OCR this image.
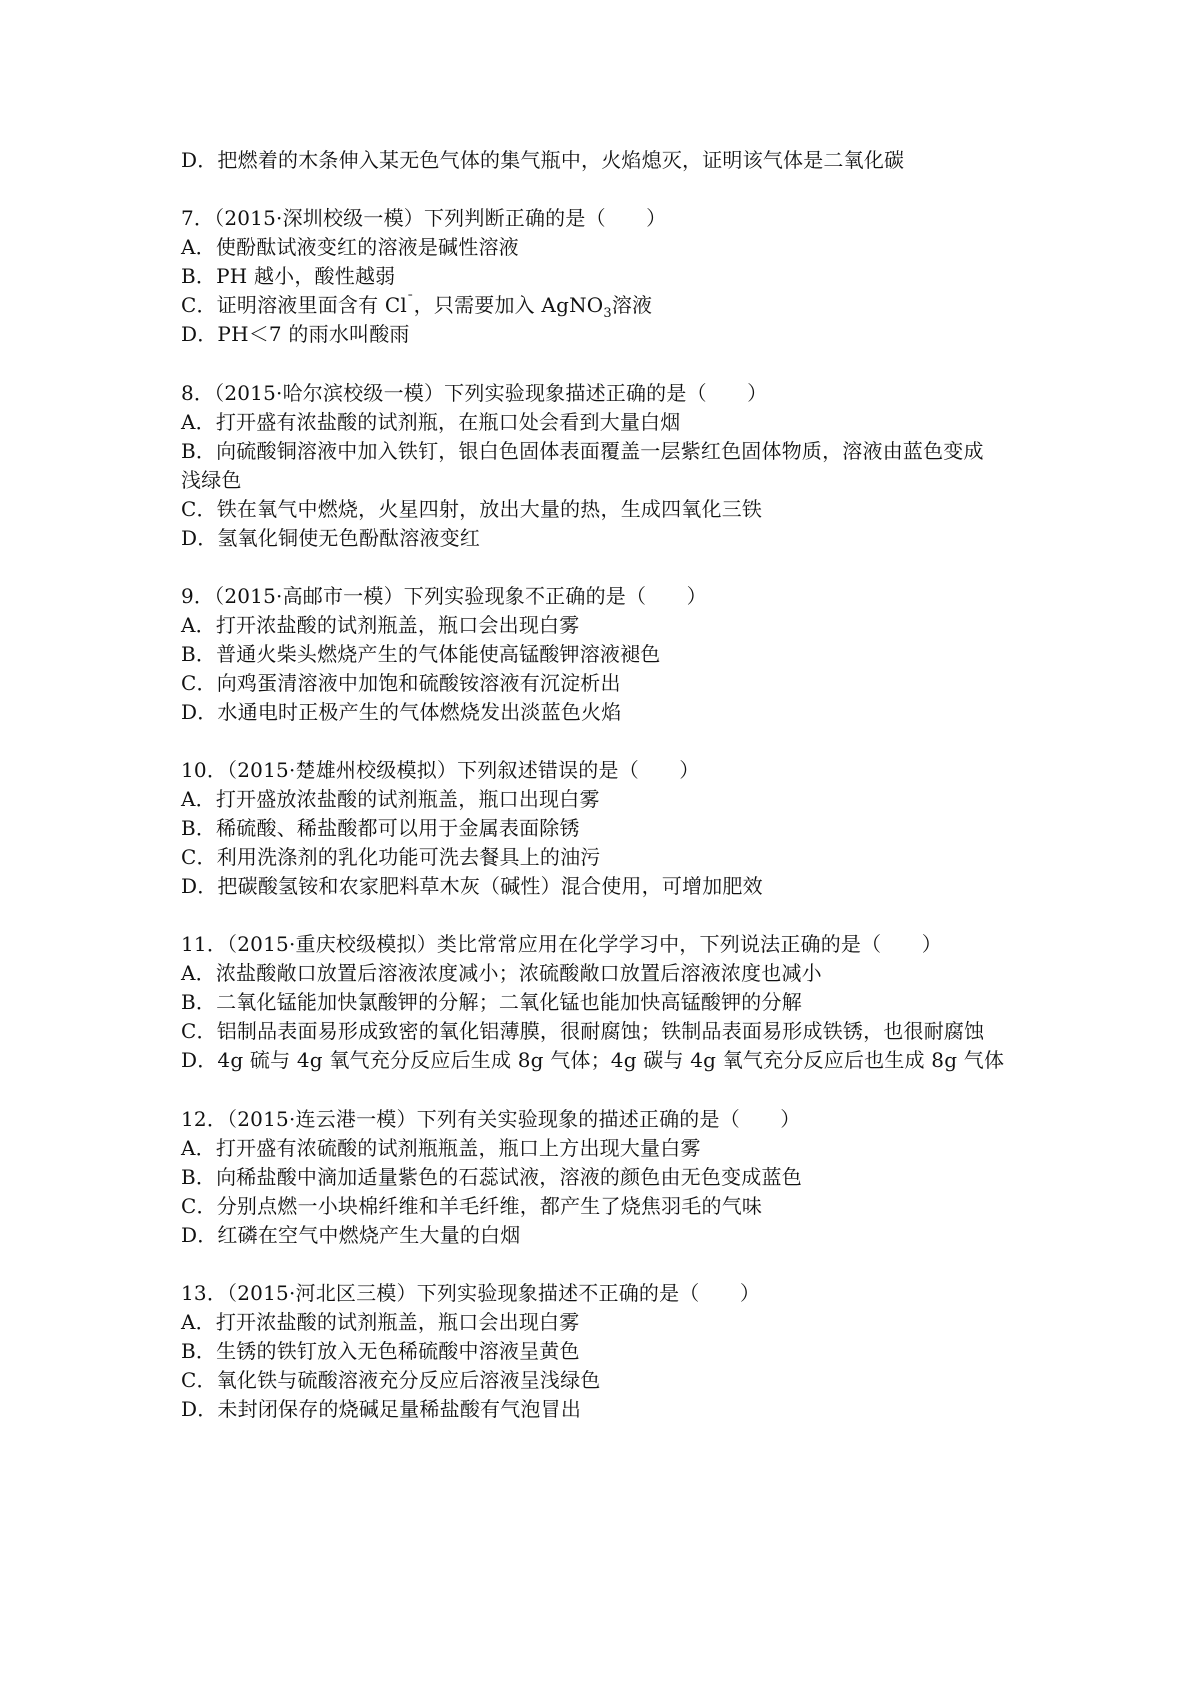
D．把燃着的木条伸入某无色气体的集气瓶中，火焰熄灭，证明该气体是二氧化碳
7．（2015·深圳校级一模）下列判断正确的是（　　）
A．使酚酞试液变红的溶液是碱性溶液
B．PH 越小，酸性越弱
C．证明溶液里面含有 $Cl^ˉ$，只需要加入 AgNO$_3$溶液
D．PH＜7 的雨水叫酸雨
8．（2015·哈尔滨校级一模）下列实验现象描述正确的是（　　）
A．打开盛有浓盐酸的试剂瓶，在瓶口处会看到大量白烟
B．向硫酸铜溶液中加入铁钉，银白色固体表面覆盖一层紫红色固体物质，溶液由蓝色变成
浅绿色
C．铁在氧气中燃烧，火星四射，放出大量的热，生成四氧化三铁
D．氢氧化铜使无色酚酞溶液变红
9．（2015·高邮市一模）下列实验现象不正确的是（　　）
A．打开浓盐酸的试剂瓶盖，瓶口会出现白雾
B．普通火柴头燃烧产生的气体能使高锰酸钾溶液褪色
C．向鸡蛋清溶液中加饱和硫酸铵溶液有沉淀析出
D．水通电时正极产生的气体燃烧发出淡蓝色火焰
10．（2015·楚雄州校级模拟）下列叙述错误的是（　　）
A．打开盛放浓盐酸的试剂瓶盖，瓶口出现白雾
B．稀硫酸、稀盐酸都可以用于金属表面除锈
C．利用洗涤剂的乳化功能可洗去餐具上的油污
D．把碳酸氢铵和农家肥料草木灰（碱性）混合使用，可增加肥效
11．（2015·重庆校级模拟）类比常常应用在化学学习中，下列说法正确的是（　　）
A．浓盐酸敞口放置后溶液浓度减小；浓硫酸敞口放置后溶液浓度也减小
B．二氧化锰能加快氯酸钾的分解；二氧化锰也能加快高锰酸钾的分解
C．铝制品表面易形成致密的氧化铝薄膜，很耐腐蚀；铁制品表面易形成铁锈，也很耐腐蚀
D．4g 硫与 4g 氧气充分反应后生成 8g 气体；4g 碳与 4g 氧气充分反应后也生成 8g 气体
12．（2015·连云港一模）下列有关实验现象的描述正确的是（　　）
A．打开盛有浓硫酸的试剂瓶瓶盖，瓶口上方出现大量白雾
B．向稀盐酸中滴加适量紫色的石蕊试液，溶液的颜色由无色变成蓝色
C．分别点燃一小块棉纤维和羊毛纤维，都产生了烧焦羽毛的气味
D．红磷在空气中燃烧产生大量的白烟
13．（2015·河北区三模）下列实验现象描述不正确的是（　　）
A．打开浓盐酸的试剂瓶盖，瓶口会出现白雾
B．生锈的铁钉放入无色稀硫酸中溶液呈黄色
C．氧化铁与硫酸溶液充分反应后溶液呈浅绿色
D．未封闭保存的烧碱足量稀盐酸有气泡冒出
